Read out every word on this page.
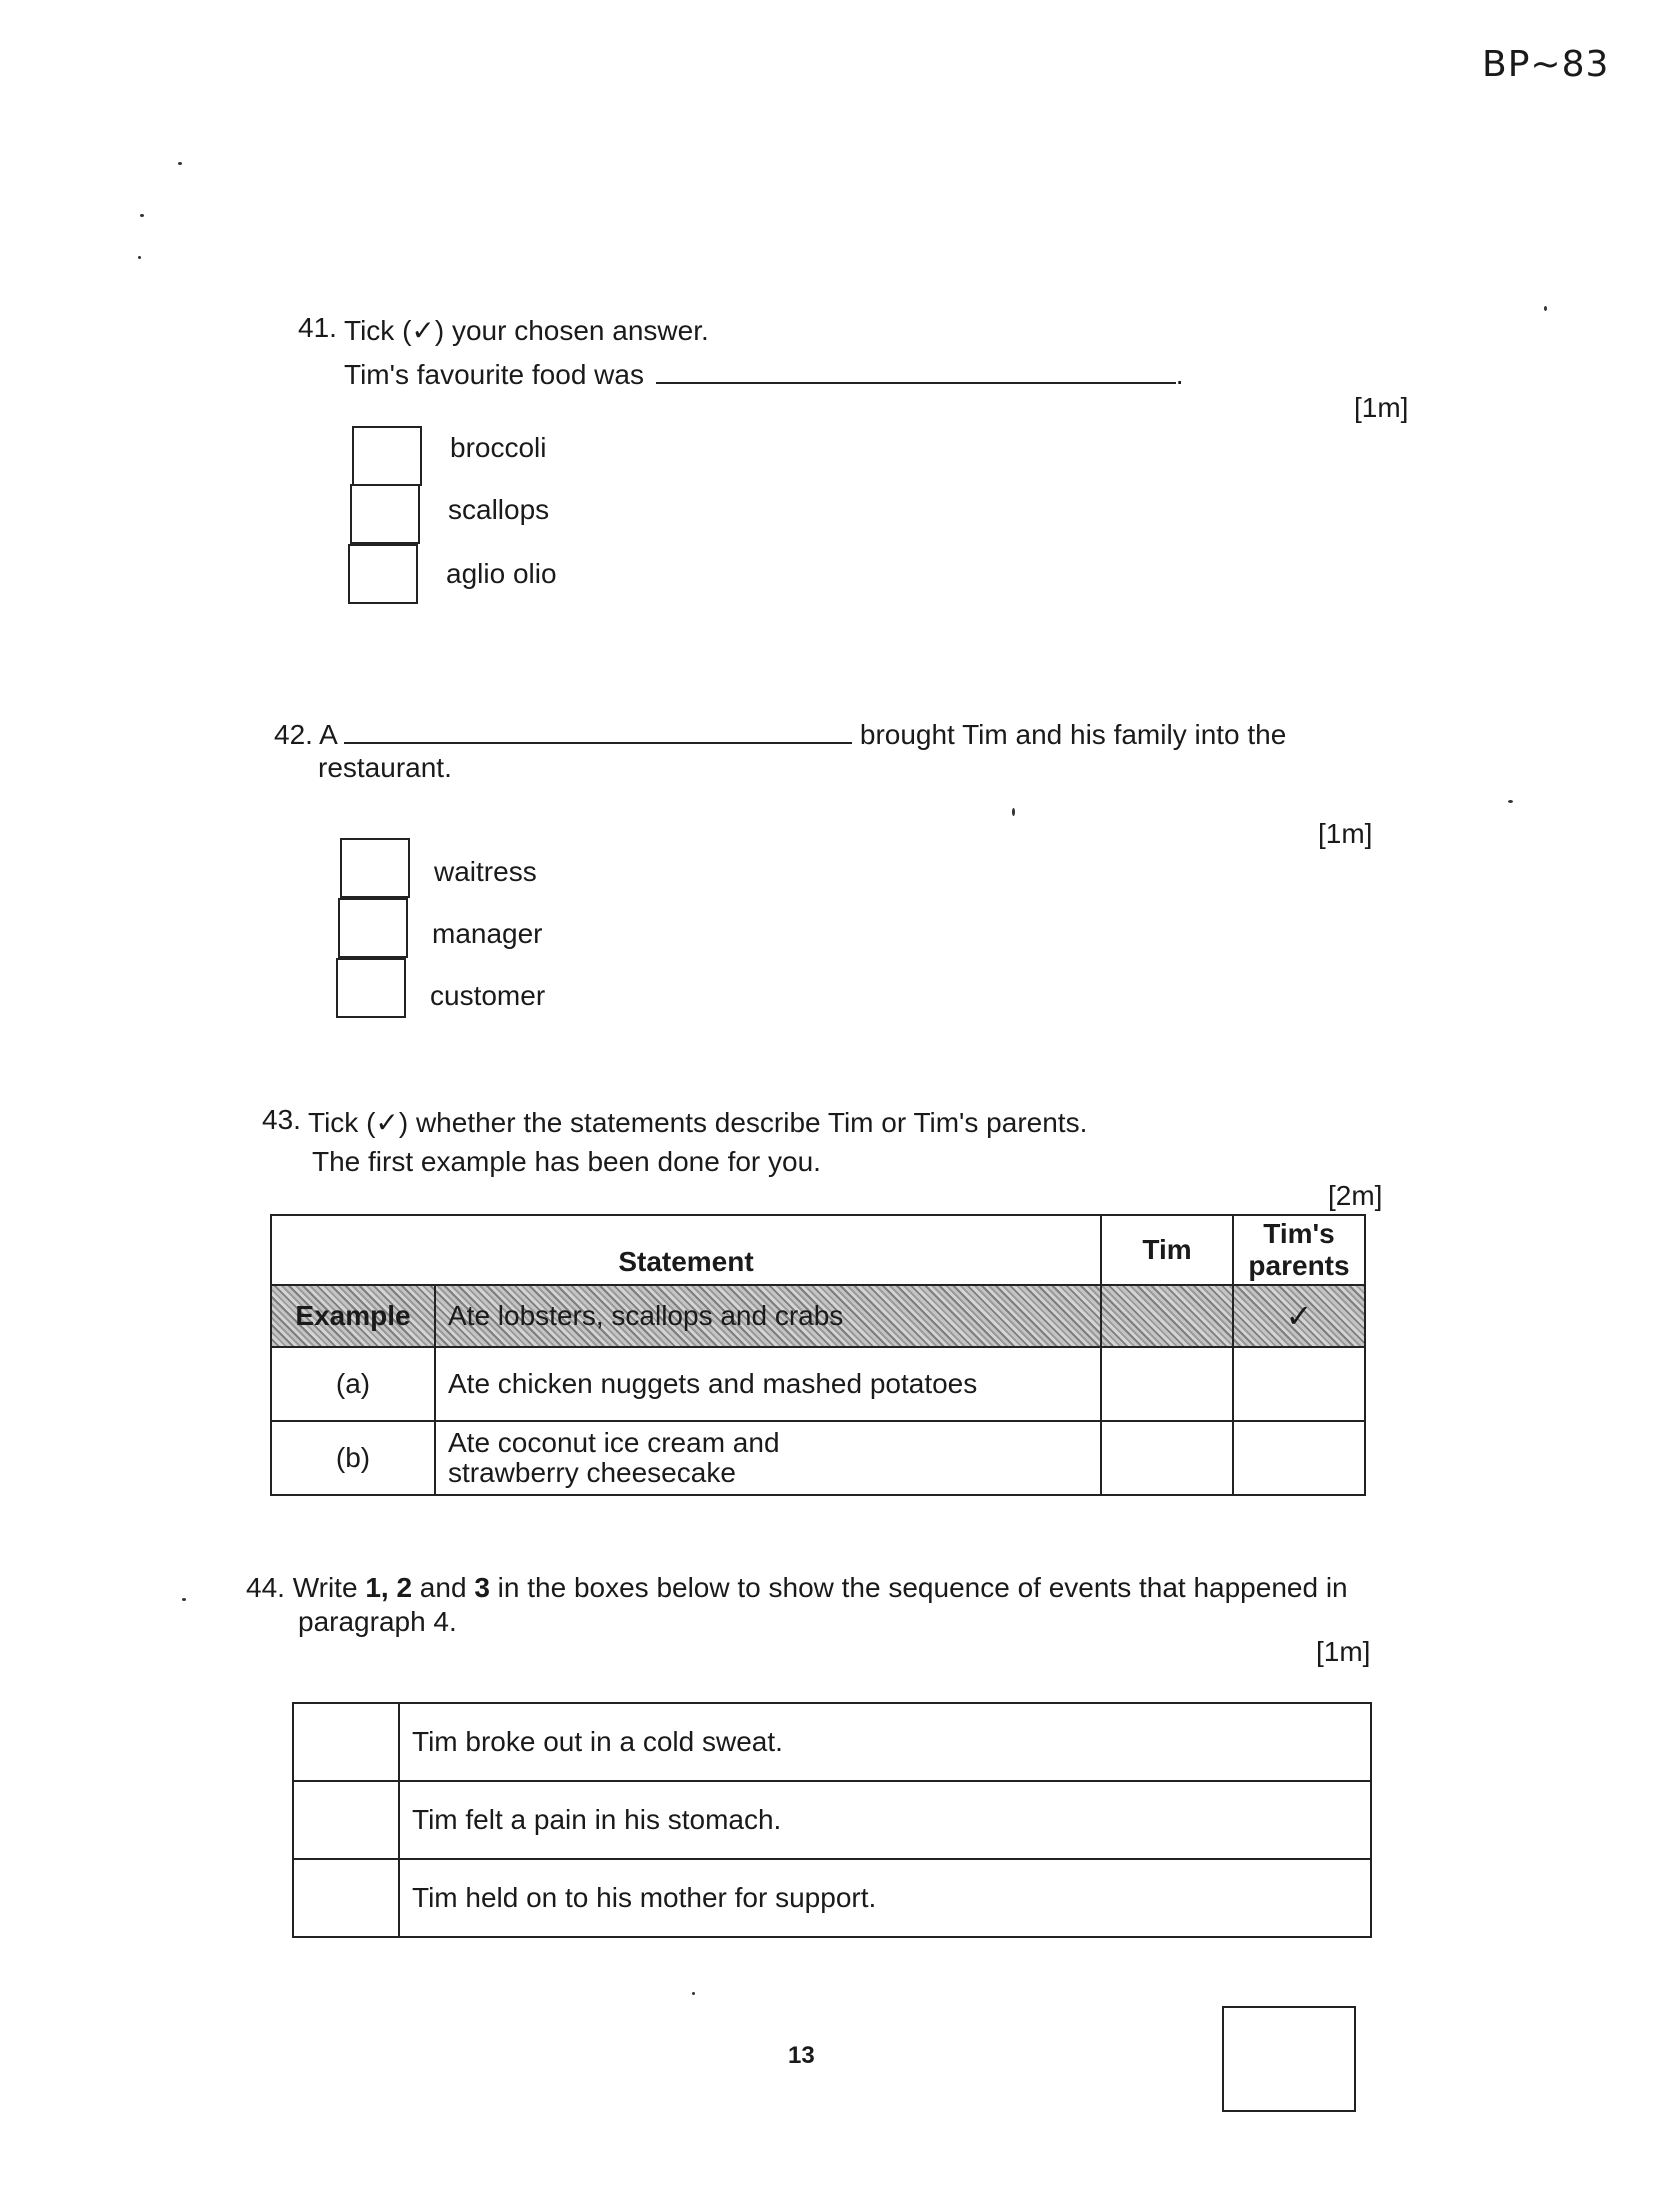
BP~83
41. Tick (✓) your chosen answer.
Tim's favourite food was	.
[1m]
broccoli
scallops
aglio olio
42. A	brought Tim and his family into the
restaurant.
[1m]
waitress
manager
customer
43. Tick (✓) whether the statements describe Tim or Tim's parents.
The first example has been done for you.
[2m]
Statement		Tim	Tim's parents
Example	Ate lobsters, scallops and crabs		✓
(a)	Ate chicken nuggets and mashed potatoes		
(b)	Ate coconut ice cream and strawberry cheesecake		
44. Write 1, 2 and 3 in the boxes below to show the sequence of events that happened in
paragraph 4.
[1m]
	Tim broke out in a cold sweat.
	Tim felt a pain in his stomach.
	Tim held on to his mother for support.
13
